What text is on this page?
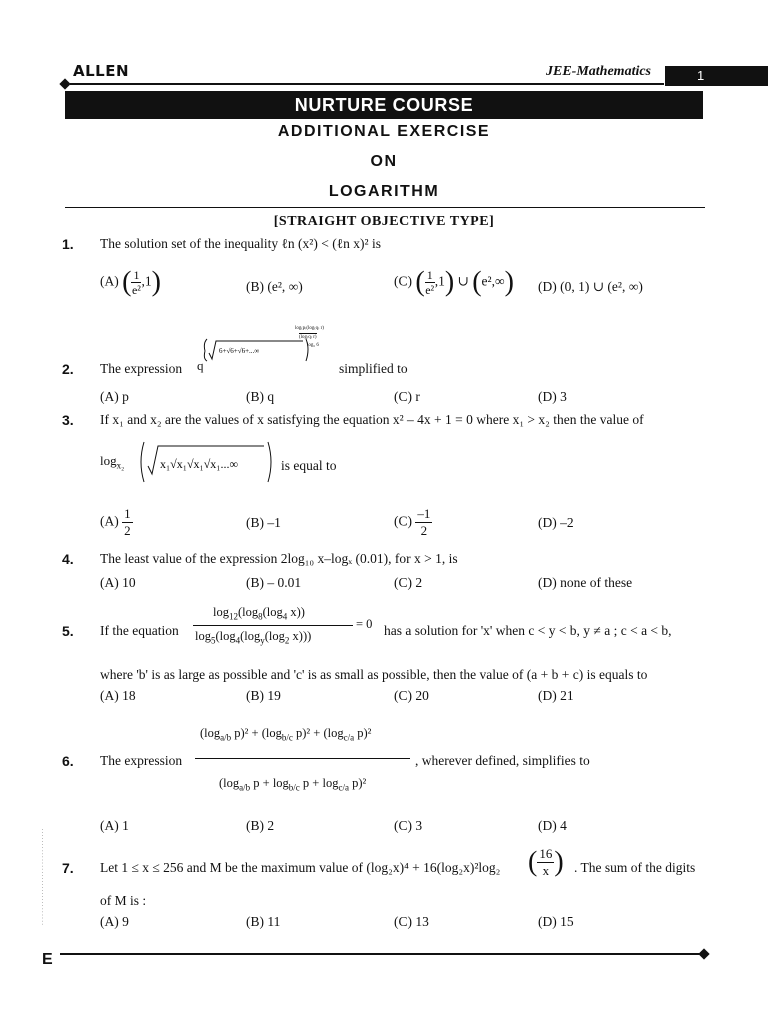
ALLEN	JEE-Mathematics	1
NURTURE COURSE
ADDITIONAL EXERCISE
ON
LOGARITHM
[STRAIGHT OBJECTIVE TYPE]
1. The solution set of the inequality ℓn (x²) < (ℓn x)² is
(A) ( $\frac{1}{\text{e²}} ,1$)	(B) (e², ∞)	(C) ( $\frac{1}{\text{e²}} ,1$) ∪ (e²,∞) (D) (0, 1) ∪ (e², ∞)
2. The expression q
6+√6+√6+...∞
log₍p₎(log₍q₎ r)
(log₍q₎ r)
log₅ 6
simplified to
(A) p	(B) q	(C) r	(D) 3
3. If x₁ and x₂ are the values of x satisfying the equation x² – 4x + 1 = 0 where x₁ > x₂ then the value of
$\log_{x_2}$	x₁√x₁√x₁√x₁...∞	is equal to
$(A) \frac{1}{2}$	(B) –1	$(C) \frac{-1}{2}$	(D) –2
4. The least value of the expression 2log₁₀ x–logₓ (0.01), for x > 1, is
(A) 10	(B) – 0.01	(C) 2	(D) none of these
5. If the equation
$\log_{12}(\log_8(\log_4$ x))
$\log_5(\log_4(\log_y(\log_2$ x)))
= 0 has a solution for 'x' when c < y < b, y ≠ a ; c < a < b,
where 'b' is as large as possible and 'c' is as small as possible, then the value of (a + b + c) is equals to
(A) 18	(B) 19	(C) 20	(D) 21
6. The expression
($\log_{a/b}$ $p)^2 + (\log_{b/c}$ $p)^2 + (\log_{c/a}$ p)²
($\log_{a/b}$ $p + \log_{b/c} p + \log_{c/a} p)^2$
, wherever defined, simplifies to
(A) 1	(B) 2	(C) 3	(D) 4
7. Let 1 ≤ x ≤ 256 and M be the maximum value of (log₂x)⁴ + 16(log₂x)²log₂ ( $\frac{16}{x}$ ) . The sum of the digits
of M is :
(A) 9	(B) 11	(C) 13	(D) 15
· · · · · · · · · · · · · · · · · · · · · · · · · · · · · · · ·
E
